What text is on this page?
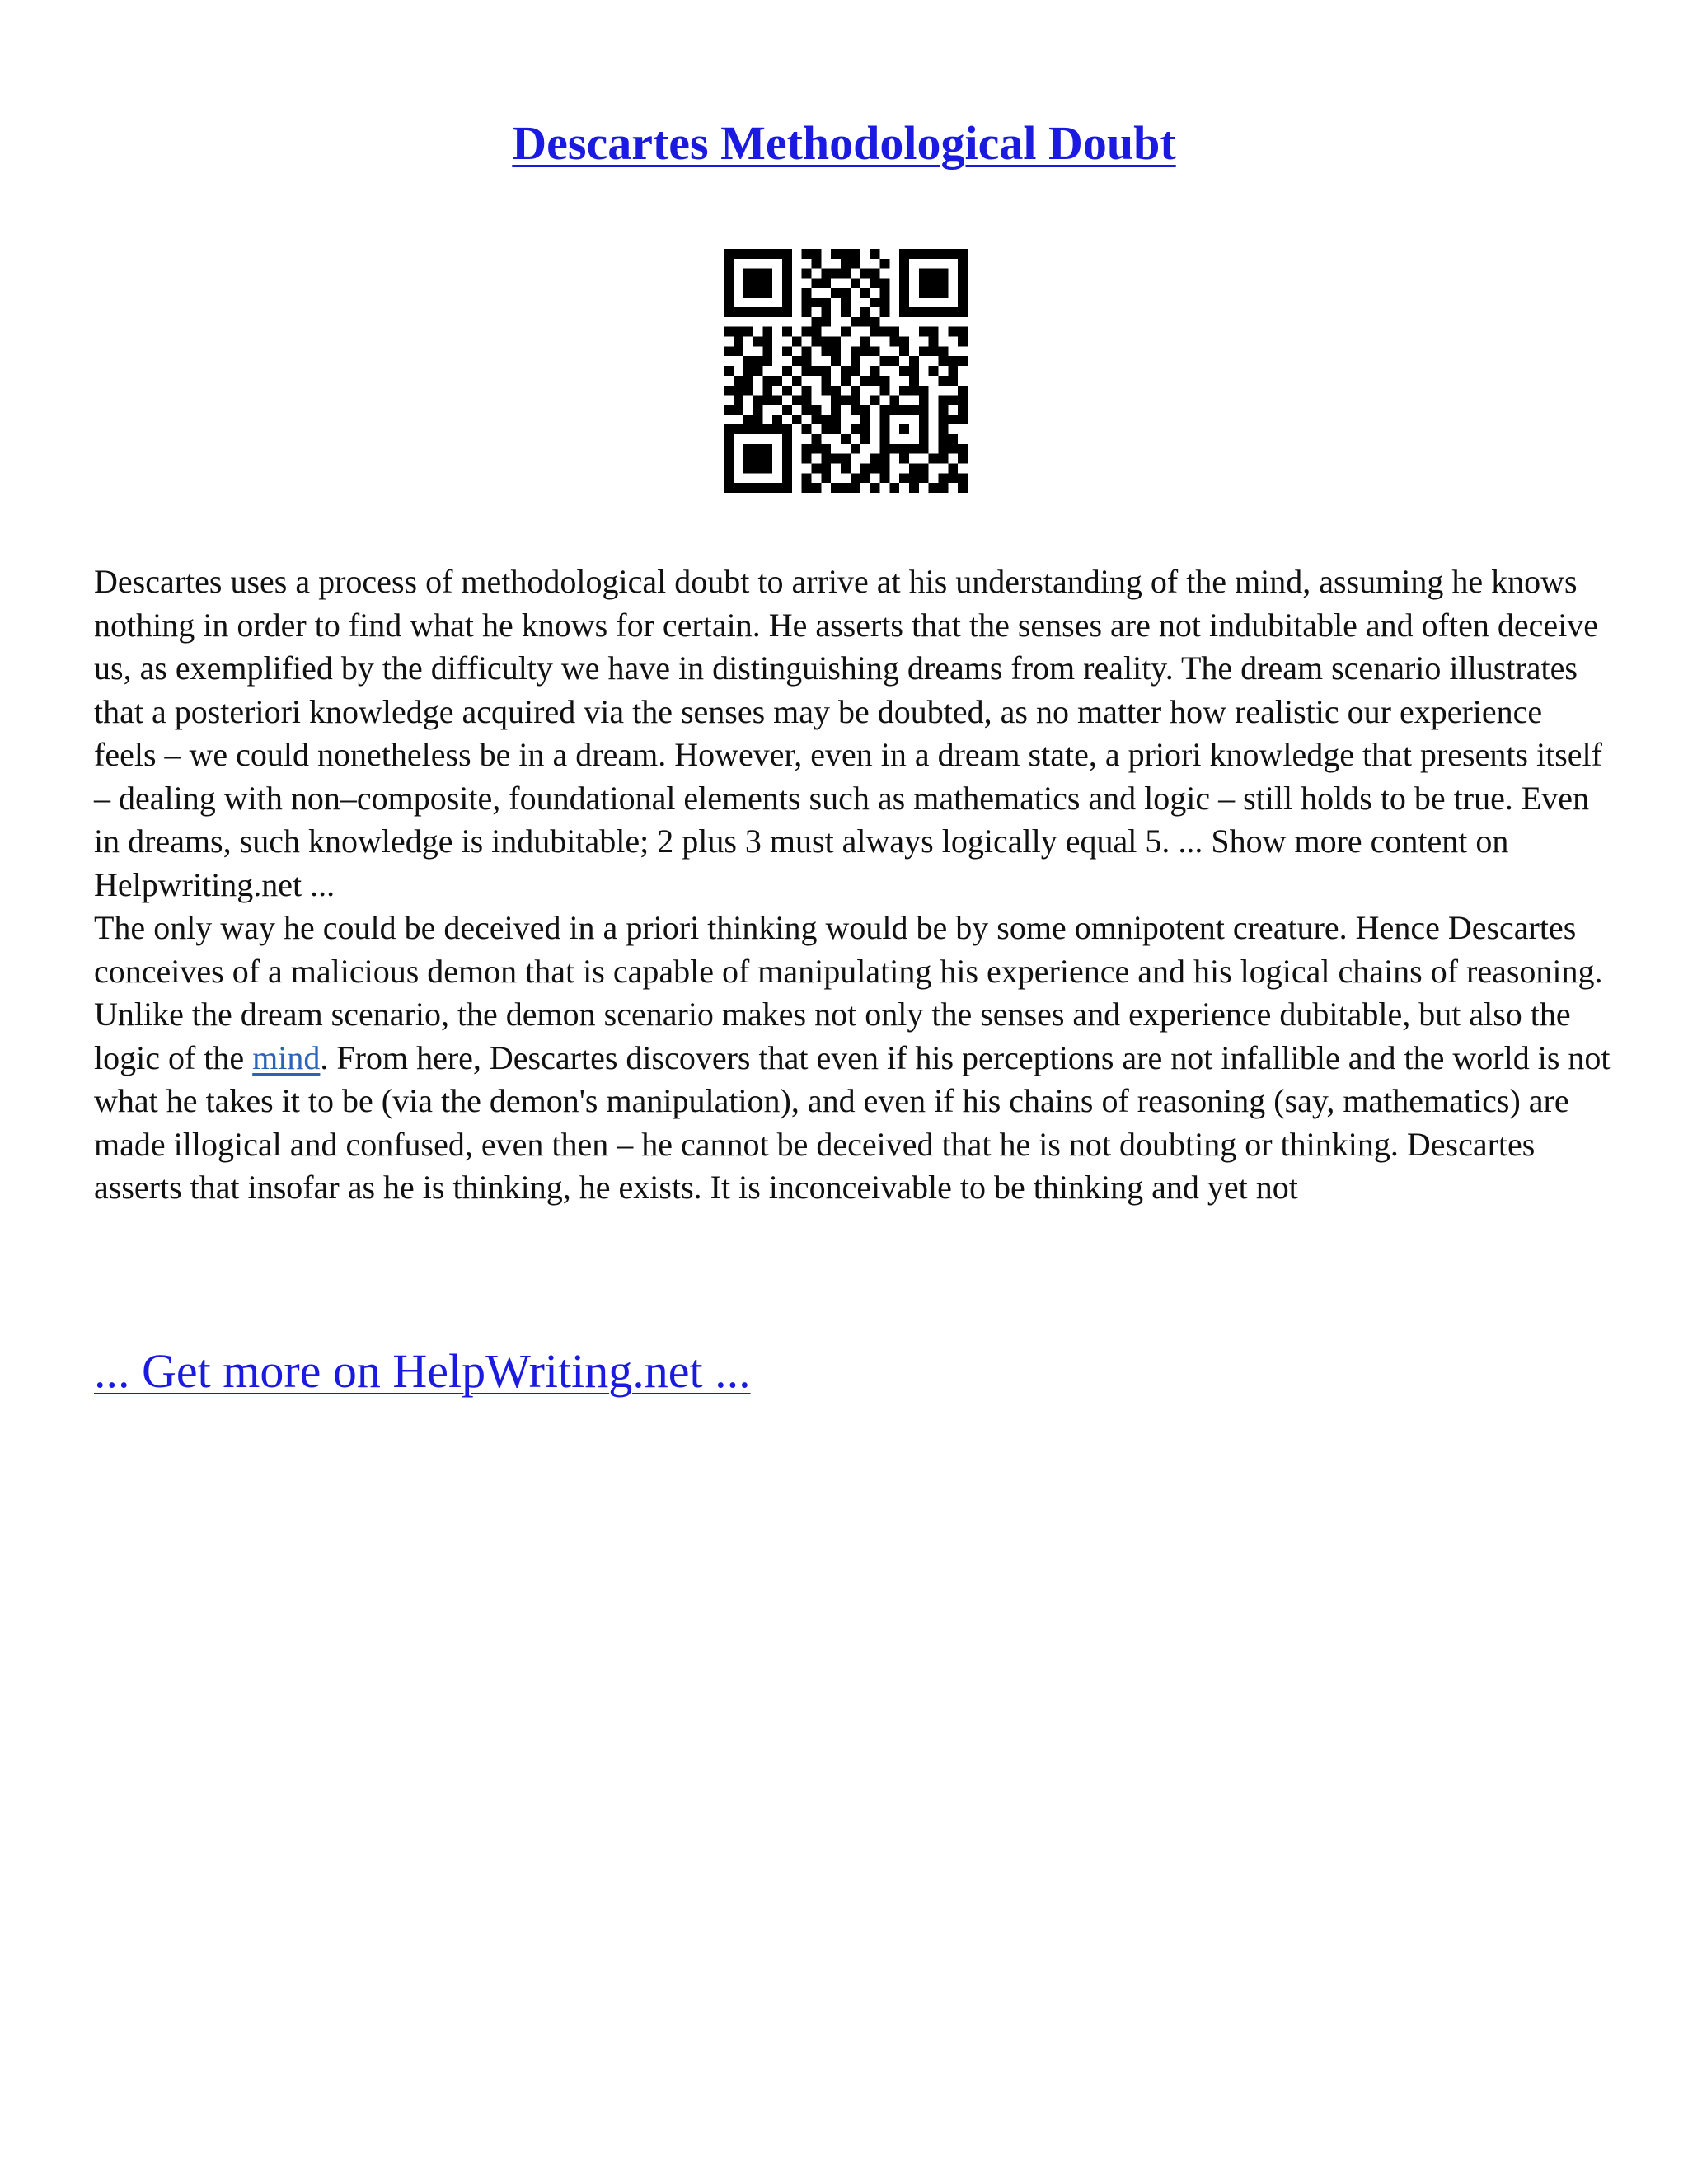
Descartes Methodological Doubt

Descartes uses a process of methodological doubt to arrive at his understanding of the mind, assuming he knows nothing in order to find what he knows for certain. He asserts that the senses are not indubitable and often deceive us, as exemplified by the difficulty we have in distinguishing dreams from reality. The dream scenario illustrates that a posteriori knowledge acquired via the senses may be doubted, as no matter how realistic our experience feels – we could nonetheless be in a dream. However, even in a dream state, a priori knowledge that presents itself – dealing with non–composite, foundational elements such as mathematics and logic – still holds to be true. Even in dreams, such knowledge is indubitable; 2 plus 3 must always logically equal 5. ... Show more content on Helpwriting.net ...

The only way he could be deceived in a priori thinking would be by some omnipotent creature. Hence Descartes conceives of a malicious demon that is capable of manipulating his experience and his logical chains of reasoning. Unlike the dream scenario, the demon scenario makes not only the senses and experience dubitable, but also the logic of the mind. From here, Descartes discovers that even if his perceptions are not infallible and the world is not what he takes it to be (via the demon's manipulation), and even if his chains of reasoning (say, mathematics) are made illogical and confused, even then – he cannot be deceived that he is not doubting or thinking. Descartes asserts that insofar as he is thinking, he exists. It is inconceivable to be thinking and yet not

... Get more on HelpWriting.net ...
